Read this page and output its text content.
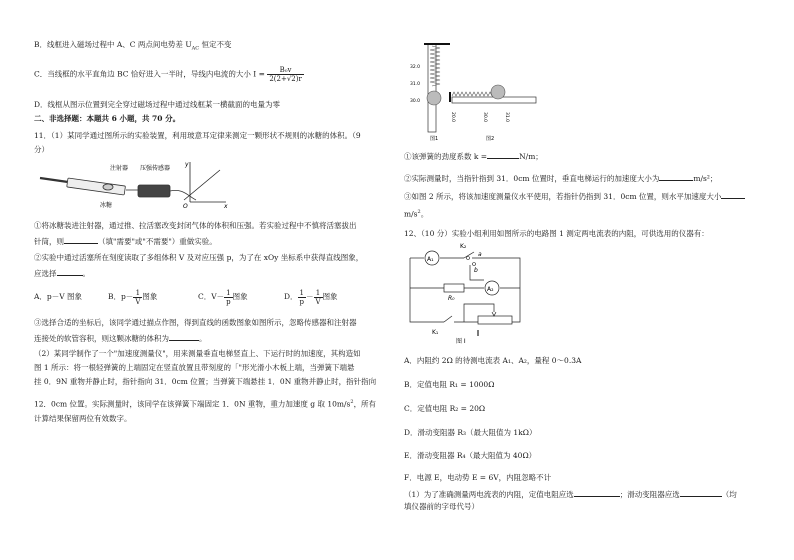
B．线框进入磁场过程中 A、C 两点间电势差 $U_{AC}$ 恒定不变
C．当线框的水平直角边 BC 恰好进入一半时，导线内电流的大小 $I = \frac{\text{B₀v}}{2(2+√2)r}$
D．线框从图示位置到完全穿过磁场过程中通过线框某一横截面的电量为零
二、非选择题：本题共 6 小题，共 70 分。
11．（1）某同学通过图所示的实验装置，利用玻意耳定律来测定一颗形状不规则的冰糖的体积。（9
分）
注射器 压强传感器
冰糖
y
x
O
①将冰糖装进注射器，通过推、拉活塞改变封闭气体的体积和压强。若实验过程中不慎将活塞拔出
针筒，则	（填"需要"或"不需要"）重做实验。
②实验中通过活塞所在刻度读取了多组体积 V 及对应压强 p，为了在 xOy 坐标系中获得直线图象，
应选择	。
A．p－V 图象	B．$p- \frac{1}{V}$ 图象	C．$V- \frac{1}{p}$ 图象	D． $\frac{1}{p} - \frac{1}{V}$ 图象
③选择合适的坐标后，该同学通过描点作图，得到直线的函数图象如图所示，忽略传感器和注射器
连接处的软管容积，则这颗冰糖的体积为	。
（2）某同学制作了一个"加速度测量仪"，用来测量垂直电梯竖直上、下运行时的加速度，其构造如
图 1 所示：将一根轻弹簧的上端固定在竖直放置且带刻度的「"形光滑小木板上端，当弹簧下端悬
挂 0．9N 重物并静止时，指针指向 31．0cm 位置；当弹簧下端悬挂 1．0N 重物并静止时，指针指向
12．0cm 位置。实际测量时，该同学在该弹簧下端固定 1．0N 重物，重力加速度 g 取 $10m/s^2$，所有
计算结果保留两位有效数字。
32.0
31.0
30.0
图1
20.0	30.0	31.0
图2
①该弹簧的劲度系数 k =	N/m；
②实际测量时，当指针指到 31．0cm 位置时，垂直电梯运行的加速度大小为	m/s²；
③如图 2 所示，将该加速度测量仪水平使用，若指针仍指到 31．0cm 位置，则水平加速度大小
$m/s^2$。
12、（10 分）实验小组利用如图所示的电路图 1 测定两电流表的内阻，可供选用的仪器有：
A₁
A₂
R₀
K₂
a
b
K₁
图 I
A．内阻约 2Ω 的待测电流表 A₁、A₂，量程 0～0.3A
B．定值电阻 R₁ = 1000Ω
C．定值电阻 R₂ = 20Ω
D．滑动变阻器 R₃（最大阻值为 1kΩ）
E．滑动变阻器 R₄（最大阻值为 40Ω）
F．电源 E，电动势 E = 6V，内阻忽略不计
（1）为了准确测量两电流表的内阻，定值电阻应选	；滑动变阻器应选	（均
填仪器前的字母代号）
